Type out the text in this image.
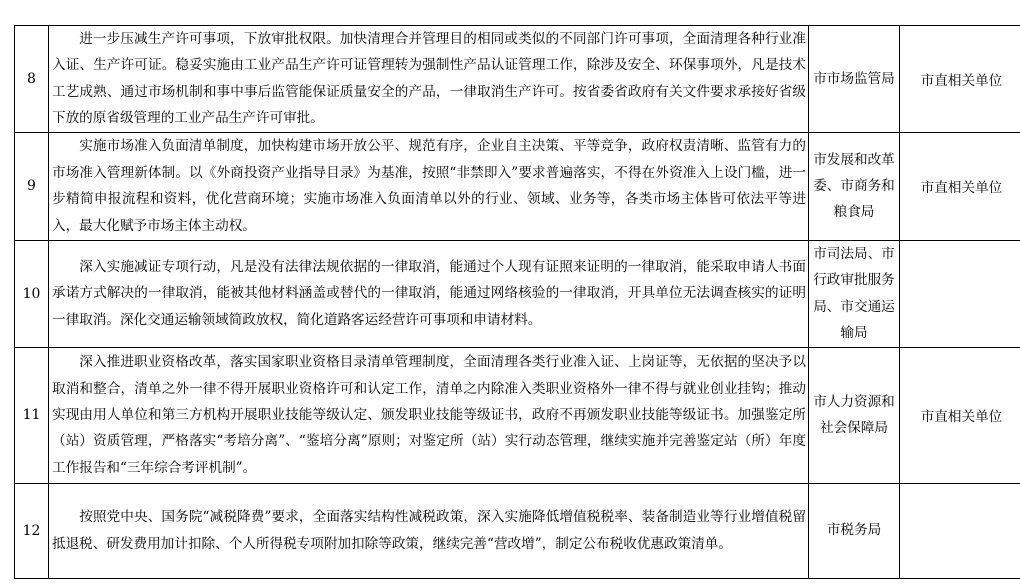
8	进一步压减生产许可事项，下放审批权限。加快清理合并管理目的相同或类似的不同部门许可事项，全面清理各种行业准入证、生产许可证。稳妥实施由工业产品生产许可证管理转为强制性产品认证管理工作，除涉及安全、环保事项外，凡是技术工艺成熟、通过市场机制和事中事后监管能保证质量安全的产品，一律取消生产许可。按省委省政府有关文件要求承接好省级下放的原省级管理的工业产品生产许可审批。	市市场监管局	市直相关单位
9	实施市场准入负面清单制度，加快构建市场开放公平、规范有序，企业自主决策、平等竞争，政府权责清晰、监管有力的市场准入管理新体制。以《外商投资产业指导目录》为基准，按照“非禁即入”要求普遍落实，不得在外资准入上设门槛，进一步精简申报流程和资料，优化营商环境；实施市场准入负面清单以外的行业、领域、业务等，各类市场主体皆可依法平等进入，最大化赋予市场主体主动权。	市发展和改革委、市商务和粮食局	市直相关单位
10	深入实施减证专项行动，凡是没有法律法规依据的一律取消，能通过个人现有证照来证明的一律取消，能采取申请人书面承诺方式解决的一律取消，能被其他材料涵盖或替代的一律取消，能通过网络核验的一律取消，开具单位无法调查核实的证明一律取消。深化交通运输领域简政放权，简化道路客运经营许可事项和申请材料。	市司法局、市行政审批服务局、市交通运输局	
11	深入推进职业资格改革，落实国家职业资格目录清单管理制度，全面清理各类行业准入证、上岗证等，无依据的坚决予以取消和整合，清单之外一律不得开展职业资格许可和认定工作，清单之内除准入类职业资格外一律不得与就业创业挂钩；推动实现由用人单位和第三方机构开展职业技能等级认定、颁发职业技能等级证书，政府不再颁发职业技能等级证书。加强鉴定所（站）资质管理，严格落实“考培分离”、“鉴培分离”原则；对鉴定所（站）实行动态管理，继续实施并完善鉴定站（所）年度工作报告和“三年综合考评机制”。	市人力资源和社会保障局	市直相关单位
12	按照党中央、国务院“减税降费”要求，全面落实结构性减税政策，深入实施降低增值税税率、装备制造业等行业增值税留抵退税、研发费用加计扣除、个人所得税专项附加扣除等政策，继续完善“营改增”，制定公布税收优惠政策清单。	市税务局	
